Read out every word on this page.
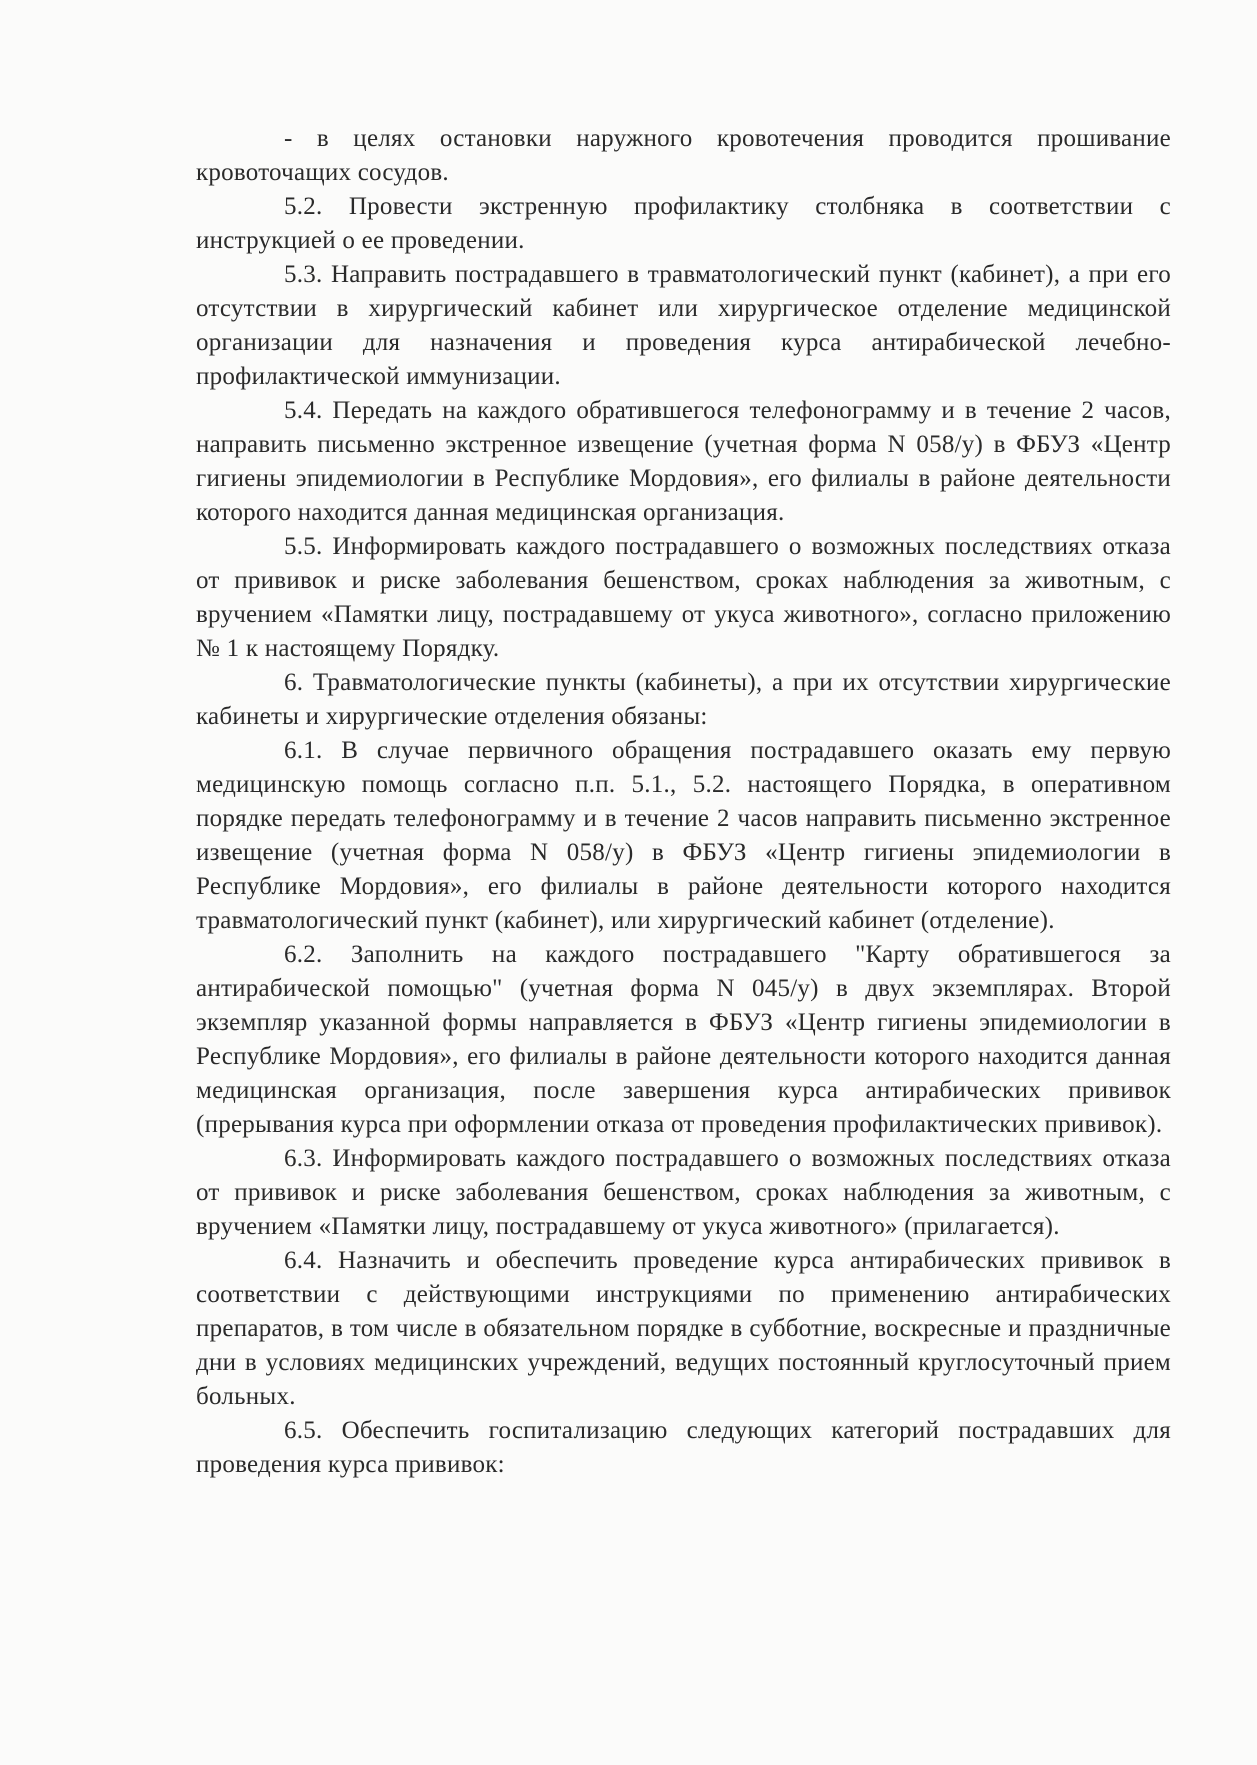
- в целях остановки наружного кровотечения проводится прошивание кровоточащих сосудов.

5.2. Провести экстренную профилактику столбняка в соответствии с инструкцией о ее проведении.

5.3. Направить пострадавшего в травматологический пункт (кабинет), а при его отсутствии в хирургический кабинет или хирургическое отделение медицинской организации для назначения и проведения курса антирабической лечебно-профилактической иммунизации.

5.4. Передать на каждого обратившегося телефонограмму и в течение 2 часов, направить письменно экстренное извещение (учетная форма N 058/у) в ФБУЗ «Центр гигиены эпидемиологии в Республике Мордовия», его филиалы в районе деятельности которого находится данная медицинская организация.

5.5. Информировать каждого пострадавшего о возможных последствиях отказа от прививок и риске заболевания бешенством, сроках наблюдения за животным, с вручением «Памятки лицу, пострадавшему от укуса животного», согласно приложению № 1 к настоящему Порядку.

6. Травматологические пункты (кабинеты), а при их отсутствии хирургические кабинеты и хирургические отделения обязаны:

6.1. В случае первичного обращения пострадавшего оказать ему первую медицинскую помощь согласно п.п. 5.1., 5.2. настоящего Порядка, в оперативном порядке передать телефонограмму и в течение 2 часов направить письменно экстренное извещение (учетная форма N 058/у) в ФБУЗ «Центр гигиены эпидемиологии в Республике Мордовия», его филиалы в районе деятельности которого находится травматологический пункт (кабинет), или хирургический кабинет (отделение).

6.2. Заполнить на каждого пострадавшего "Карту обратившегося за антирабической помощью" (учетная форма N 045/у) в двух экземплярах. Второй экземпляр указанной формы направляется в ФБУЗ «Центр гигиены эпидемиологии в Республике Мордовия», его филиалы в районе деятельности которого находится данная медицинская организация, после завершения курса антирабических прививок (прерывания курса при оформлении отказа от проведения профилактических прививок).

6.3. Информировать каждого пострадавшего о возможных последствиях отказа от прививок и риске заболевания бешенством, сроках наблюдения за животным, с вручением «Памятки лицу, пострадавшему от укуса животного» (прилагается).

6.4. Назначить и обеспечить проведение курса антирабических прививок в соответствии с действующими инструкциями по применению антирабических препаратов, в том числе в обязательном порядке в субботние, воскресные и праздничные дни в условиях медицинских учреждений, ведущих постоянный круглосуточный прием больных.

6.5. Обеспечить госпитализацию следующих категорий пострадавших для проведения курса прививок:
